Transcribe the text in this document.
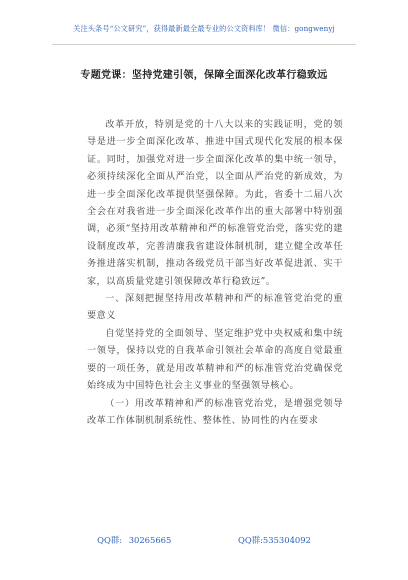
关注头条号“公文研究”，获得最新最全最专业的公文资料库！ 微信：gongwenyj
专题党课：坚持党建引领，保障全面深化改革行稳致远

改革开放，特别是党的十八大以来的实践证明，党的领导是进一步全面深化改革、推进中国式现代化发展的根本保证。同时，加强党对进一步全面深化改革的集中统一领导，必须持续深化全面从严治党，以全面从严治党的新成效，为进一步全面深化改革提供坚强保障。为此，省委十二届八次全会在对我省进一步全面深化改革作出的重大部署中特别强调，必须“坚持用改革精神和严的标准管党治党，落实党的建设制度改革，完善清廉我省建设体制机制，建立健全改革任务推进落实机制，推动各级党员干部当好改革促进派、实干家，以高质量党建引领保障改革行稳致远”。

一、深刻把握坚持用改革精神和严的标准管党治党的重要意义

自觉坚持党的全面领导、坚定维护党中央权威和集中统一领导，保持以党的自我革命引领社会革命的高度自觉最重要的一项任务，就是用改革精神和严的标准管党治党确保党始终成为中国特色社会主义事业的坚强领导核心。

（一）用改革精神和严的标准管党治党，是增强党领导改革工作体制机制系统性、整体性、协同性的内在要求

QQ群: 30265665	QQ群:535304092
